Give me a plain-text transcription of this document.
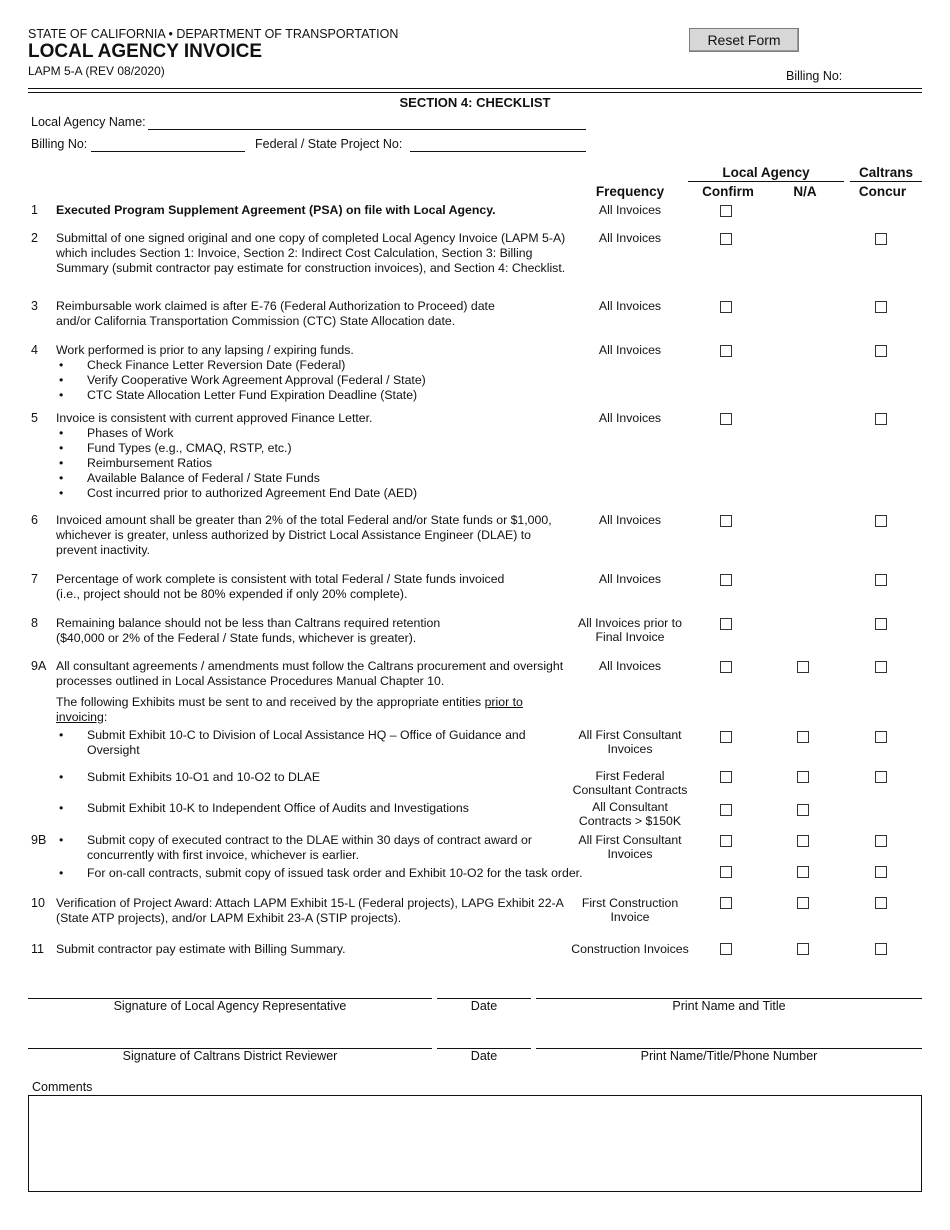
STATE OF CALIFORNIA • DEPARTMENT OF TRANSPORTATION
LOCAL AGENCY INVOICE
LAPM 5-A (REV 08/2020)
Reset Form
Billing No:
SECTION 4: CHECKLIST
Local Agency Name:
Billing No:	Federal / State Project No:
Local Agency	Caltrans
Frequency	Confirm	N/A	Concur
1 Executed Program Supplement Agreement (PSA) on file with Local Agency.	All Invoices
2 Submittal of one signed original and one copy of completed Local Agency Invoice (LAPM 5-A) which includes Section 1: Invoice, Section 2: Indirect Cost Calculation, Section 3: Billing Summary (submit contractor pay estimate for construction invoices), and Section 4: Checklist.
All Invoices
3 Reimbursable work claimed is after E-76 (Federal Authorization to Proceed) date
and/or California Transportation Commission (CTC) State Allocation date.
All Invoices
4 Work performed is prior to any lapsing / expiring funds.
• Check Finance Letter Reversion Date (Federal)
• Verify Cooperative Work Agreement Approval (Federal / State)
• CTC State Allocation Letter Fund Expiration Deadline (State)
All Invoices
5 Invoice is consistent with current approved Finance Letter.
• Phases of Work
• Fund Types (e.g., CMAQ, RSTP, etc.)
• Reimbursement Ratios
• Available Balance of Federal / State Funds
• Cost incurred prior to authorized Agreement End Date (AED)
All Invoices
6 Invoiced amount shall be greater than 2% of the total Federal and/or State funds or $1,000, whichever is greater, unless authorized by District Local Assistance Engineer (DLAE) to prevent inactivity.
All Invoices
7 Percentage of work complete is consistent with total Federal / State funds invoiced
(i.e., project should not be 80% expended if only 20% complete).
All Invoices
8 Remaining balance should not be less than Caltrans required retention
($40,000 or 2% of the Federal / State funds, whichever is greater).
All Invoices prior to
Final Invoice
9A All consultant agreements / amendments must follow the Caltrans procurement and oversight processes outlined in Local Assistance Procedures Manual Chapter 10.
All Invoices
The following Exhibits must be sent to and received by the appropriate entities prior to invoicing:
• Submit Exhibit 10-C to Division of Local Assistance HQ – Office of Guidance and Oversight
All First Consultant
Invoices
• Submit Exhibits 10-O1 and 10-O2 to DLAE	First Federal
Consultant Contracts
• Submit Exhibit 10-K to Independent Office of Audits and Investigations	All Consultant
Contracts > $150K
9B
•	Submit copy of executed contract to the DLAE within 30 days of contract award or concurrently with first invoice, whichever is earlier.
All First Consultant
Invoices
• For on-call contracts, submit copy of issued task order and Exhibit 10-O2 for the task order.
10 Verification of Project Award: Attach LAPM Exhibit 15-L (Federal projects), LAPG Exhibit 22-A (State ATP projects), and/or LAPM Exhibit 23-A (STIP projects).
First Construction
Invoice
11 Submit contractor pay estimate with Billing Summary.	Construction Invoices
Signature of Local Agency Representative	Date	Print Name and Title
Signature of Caltrans District Reviewer	Date	Print Name/Title/Phone Number
Comments
